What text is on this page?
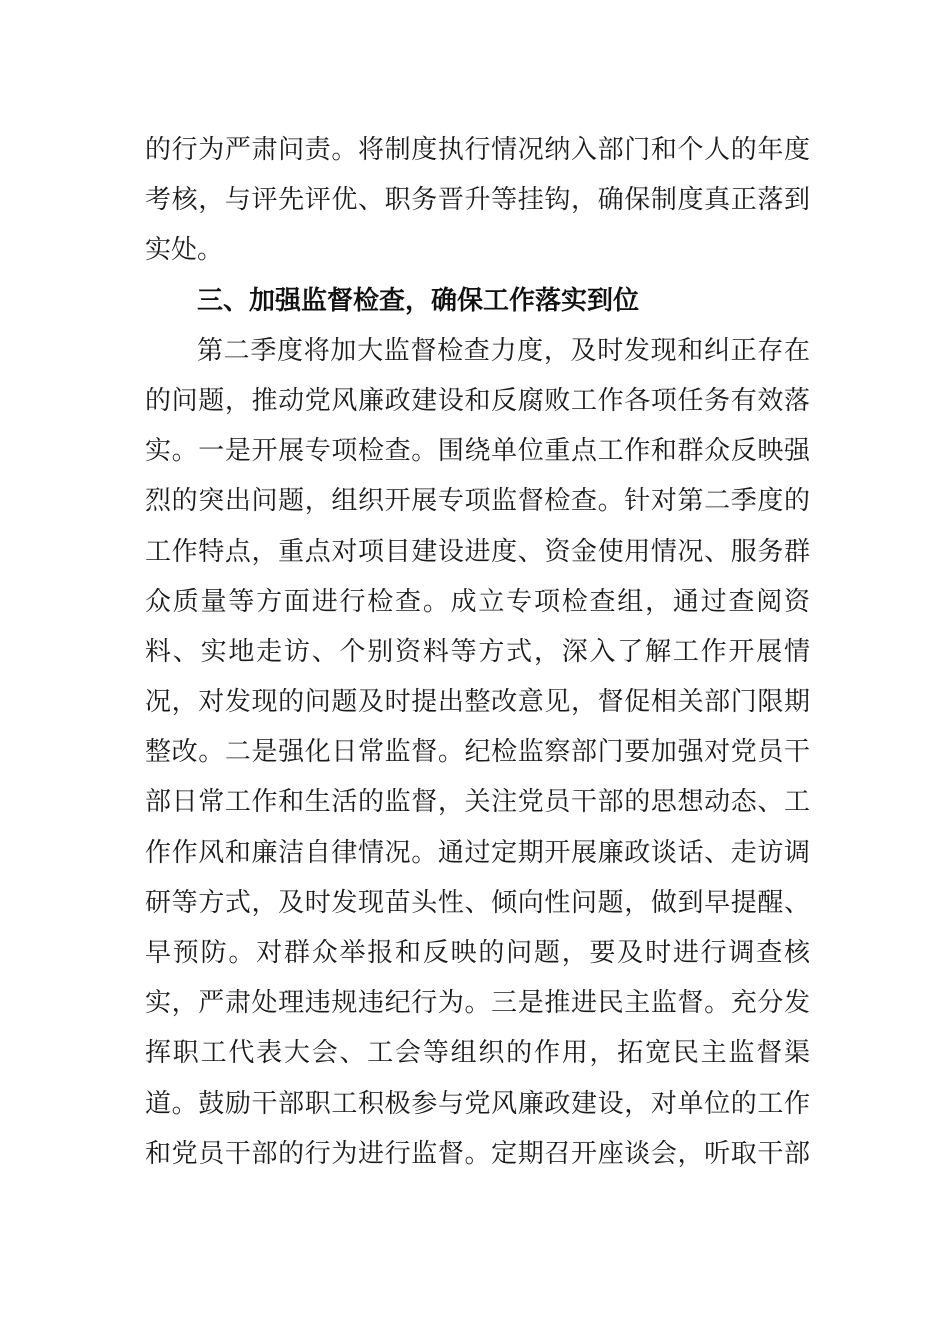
的行为严肃问责。将制度执行情况纳入部门和个人的年度
考核，与评先评优、职务晋升等挂钩，确保制度真正落到
实处。
三、加强监督检查，确保工作落实到位
第二季度将加大监督检查力度，及时发现和纠正存在
的问题，推动党风廉政建设和反腐败工作各项任务有效落
实。一是开展专项检查。围绕单位重点工作和群众反映强
烈的突出问题，组织开展专项监督检查。针对第二季度的
工作特点，重点对项目建设进度、资金使用情况、服务群
众质量等方面进行检查。成立专项检查组，通过查阅资
料、实地走访、个别资料等方式，深入了解工作开展情
况，对发现的问题及时提出整改意见，督促相关部门限期
整改。二是强化日常监督。纪检监察部门要加强对党员干
部日常工作和生活的监督，关注党员干部的思想动态、工
作作风和廉洁自律情况。通过定期开展廉政谈话、走访调
研等方式，及时发现苗头性、倾向性问题，做到早提醒、
早预防。对群众举报和反映的问题，要及时进行调查核
实，严肃处理违规违纪行为。三是推进民主监督。充分发
挥职工代表大会、工会等组织的作用，拓宽民主监督渠
道。鼓励干部职工积极参与党风廉政建设，对单位的工作
和党员干部的行为进行监督。定期召开座谈会，听取干部
